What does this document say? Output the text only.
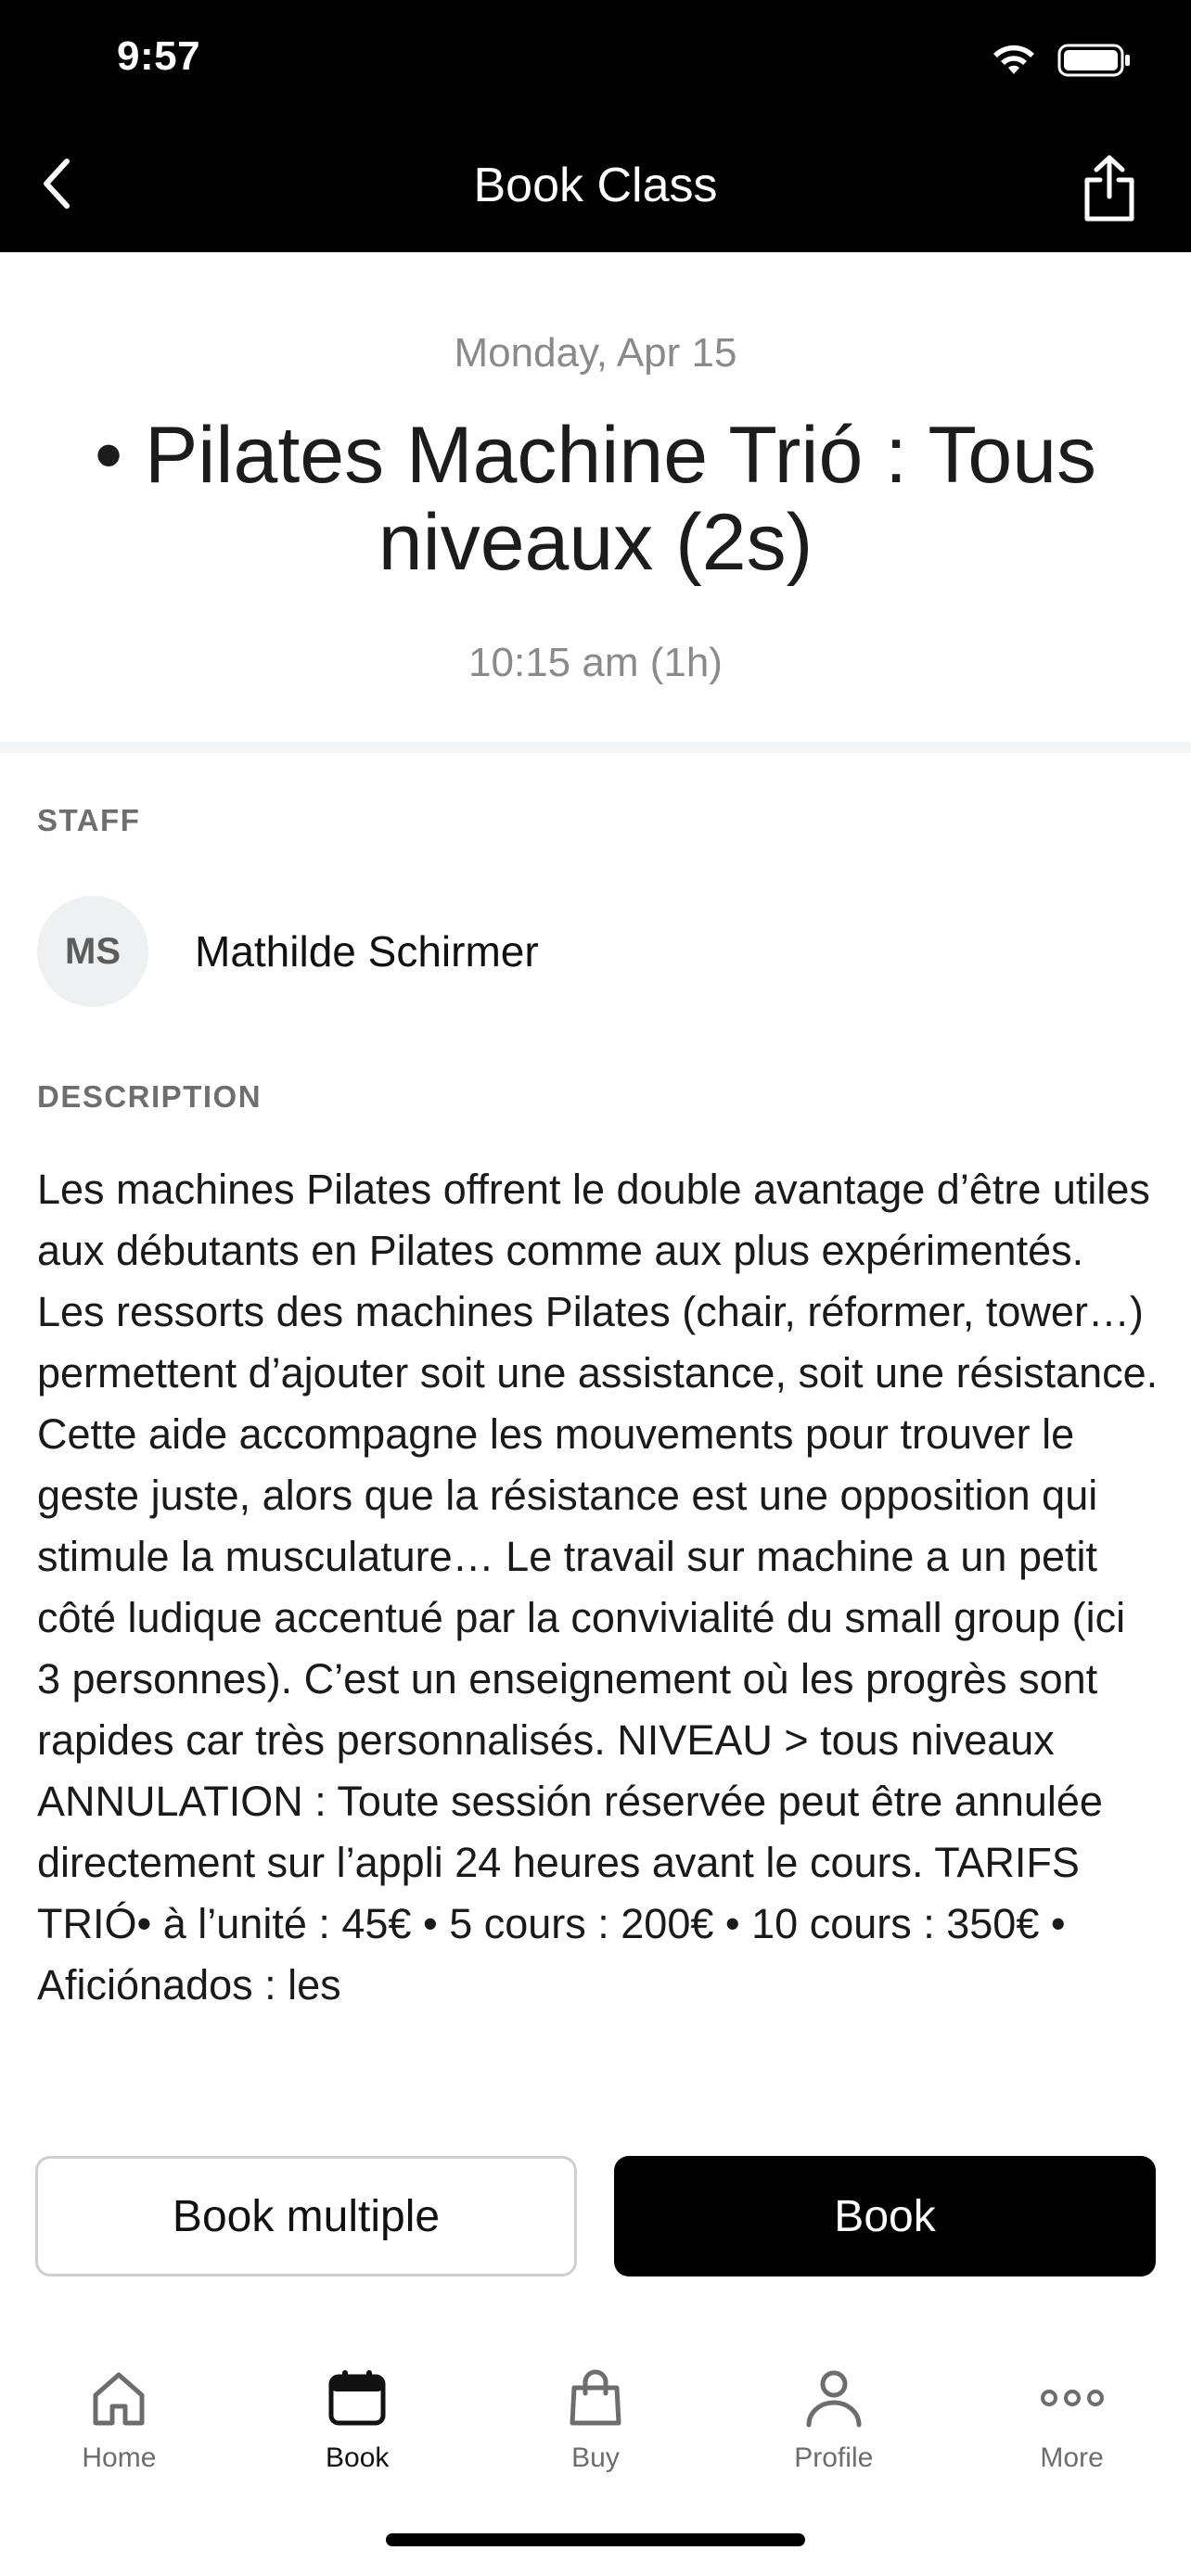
9:57
Book Class
Monday, Apr 15
• Pilates Machine Trió : Tous niveaux (2s)
10:15 am (1h)
STAFF
MS	Mathilde Schirmer
DESCRIPTION
Les machines Pilates offrent le double avantage d’être utiles aux débutants en Pilates comme aux plus expérimentés. Les ressorts des machines Pilates (chair, réformer, tower…) permettent d’ajouter soit une assistance, soit une résistance. Cette aide accompagne les mouvements pour trouver le geste juste, alors que la résistance est une opposition qui stimule la musculature… Le travail sur machine a un petit côté ludique accentué par la convivialité du small group (ici 3 personnes). C’est un enseignement où les progrès sont rapides car très personnalisés. NIVEAU > tous niveaux ANNULATION : Toute sessión réservée peut être annulée directement sur l’appli 24 heures avant le cours. TARIFS TRIÓ• à l’unité : 45€ • 5 cours : 200€ • 10 cours : 350€ • Aficiónados : les
Book multiple	Book
Home	Book	Buy	Profile	More
